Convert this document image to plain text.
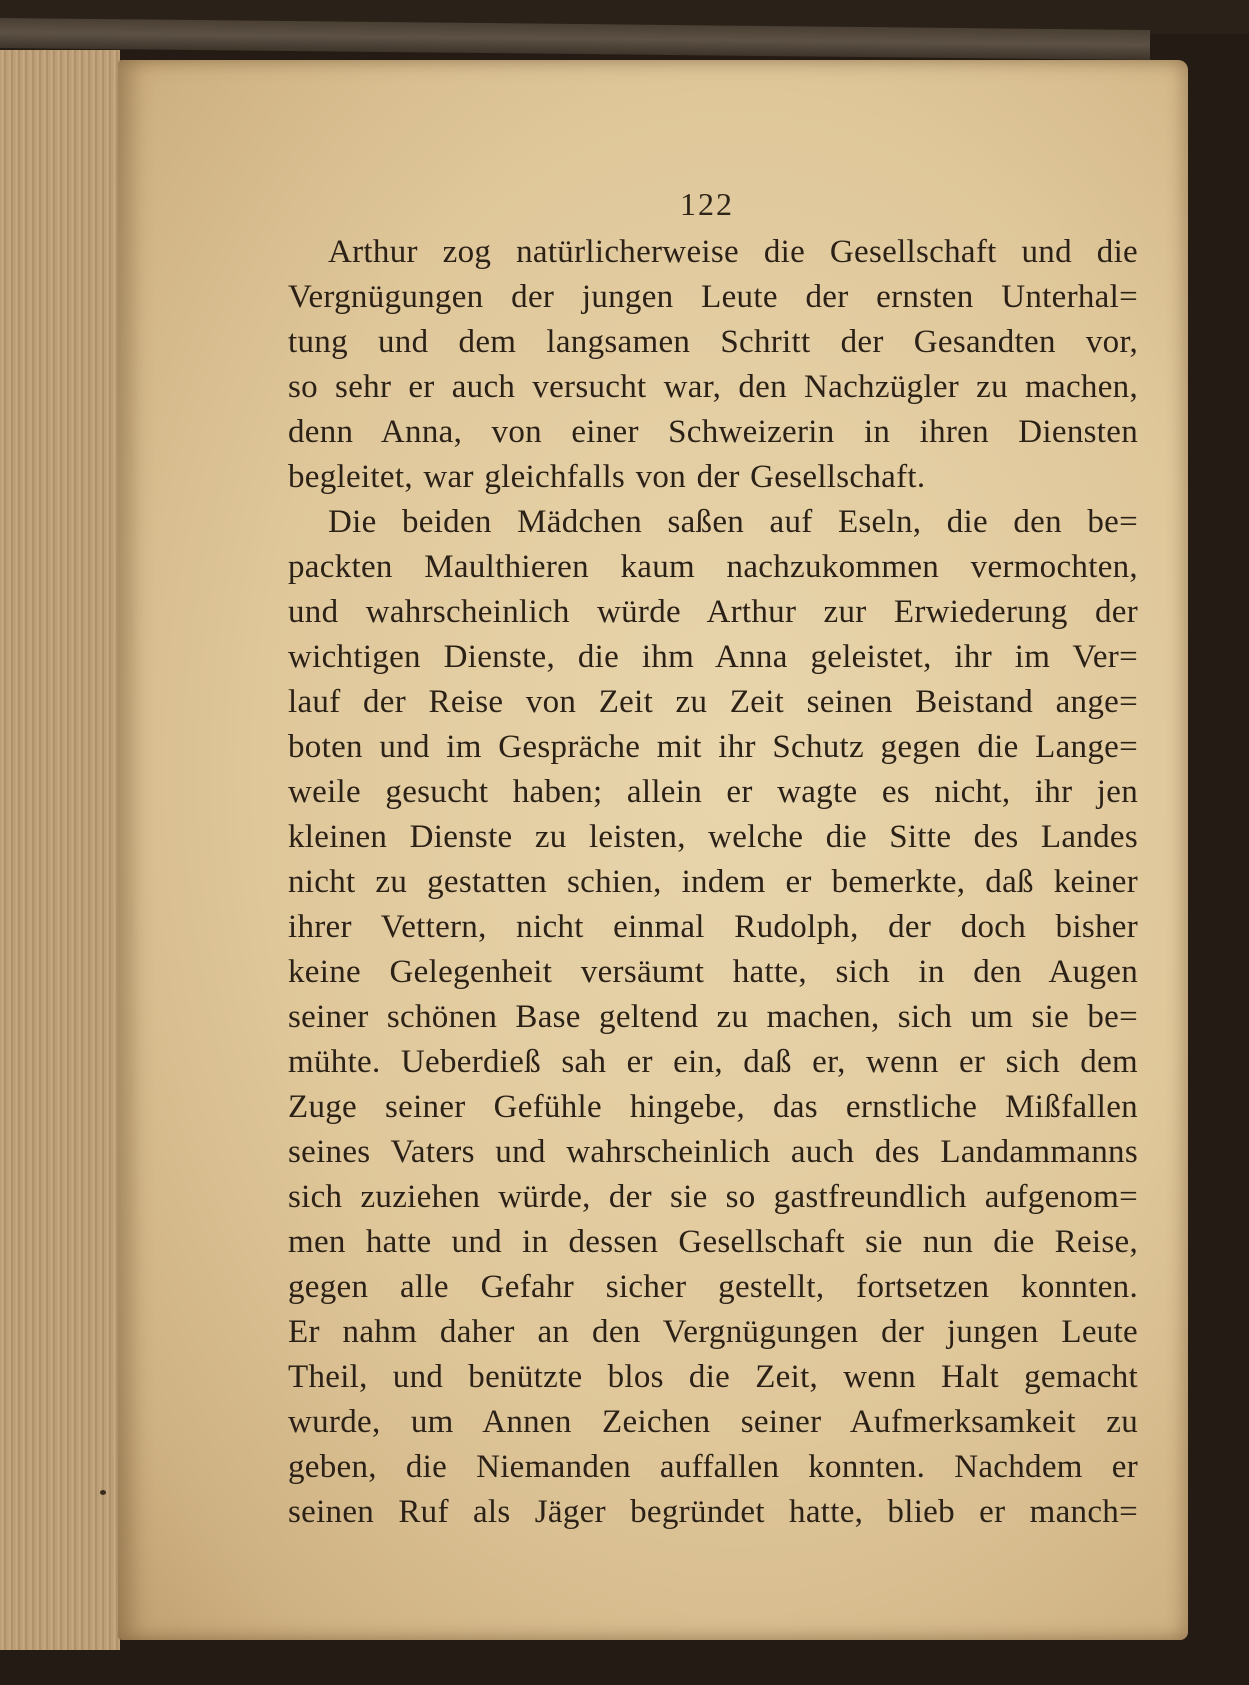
122
Arthur zog natürlicherweise die Gesellschaft und die
Vergnügungen der jungen Leute der ernsten Unterhal=
tung und dem langsamen Schritt der Gesandten vor,
so sehr er auch versucht war, den Nachzügler zu machen,
denn Anna, von einer Schweizerin in ihren Diensten
begleitet, war gleichfalls von der Gesellschaft.
Die beiden Mädchen saßen auf Eseln, die den be=
packten Maulthieren kaum nachzukommen vermochten,
und wahrscheinlich würde Arthur zur Erwiederung der
wichtigen Dienste, die ihm Anna geleistet, ihr im Ver=
lauf der Reise von Zeit zu Zeit seinen Beistand ange=
boten und im Gespräche mit ihr Schutz gegen die Lange=
weile gesucht haben; allein er wagte es nicht, ihr jen
kleinen Dienste zu leisten, welche die Sitte des Landes
nicht zu gestatten schien, indem er bemerkte, daß keiner
ihrer Vettern, nicht einmal Rudolph, der doch bisher
keine Gelegenheit versäumt hatte, sich in den Augen
seiner schönen Base geltend zu machen, sich um sie be=
mühte. Ueberdieß sah er ein, daß er, wenn er sich dem
Zuge seiner Gefühle hingebe, das ernstliche Mißfallen
seines Vaters und wahrscheinlich auch des Landammanns
sich zuziehen würde, der sie so gastfreundlich aufgenom=
men hatte und in dessen Gesellschaft sie nun die Reise,
gegen alle Gefahr sicher gestellt, fortsetzen konnten.
Er nahm daher an den Vergnügungen der jungen Leute
Theil, und benützte blos die Zeit, wenn Halt gemacht
wurde, um Annen Zeichen seiner Aufmerksamkeit zu
geben, die Niemanden auffallen konnten. Nachdem er
seinen Ruf als Jäger begründet hatte, blieb er manch=
